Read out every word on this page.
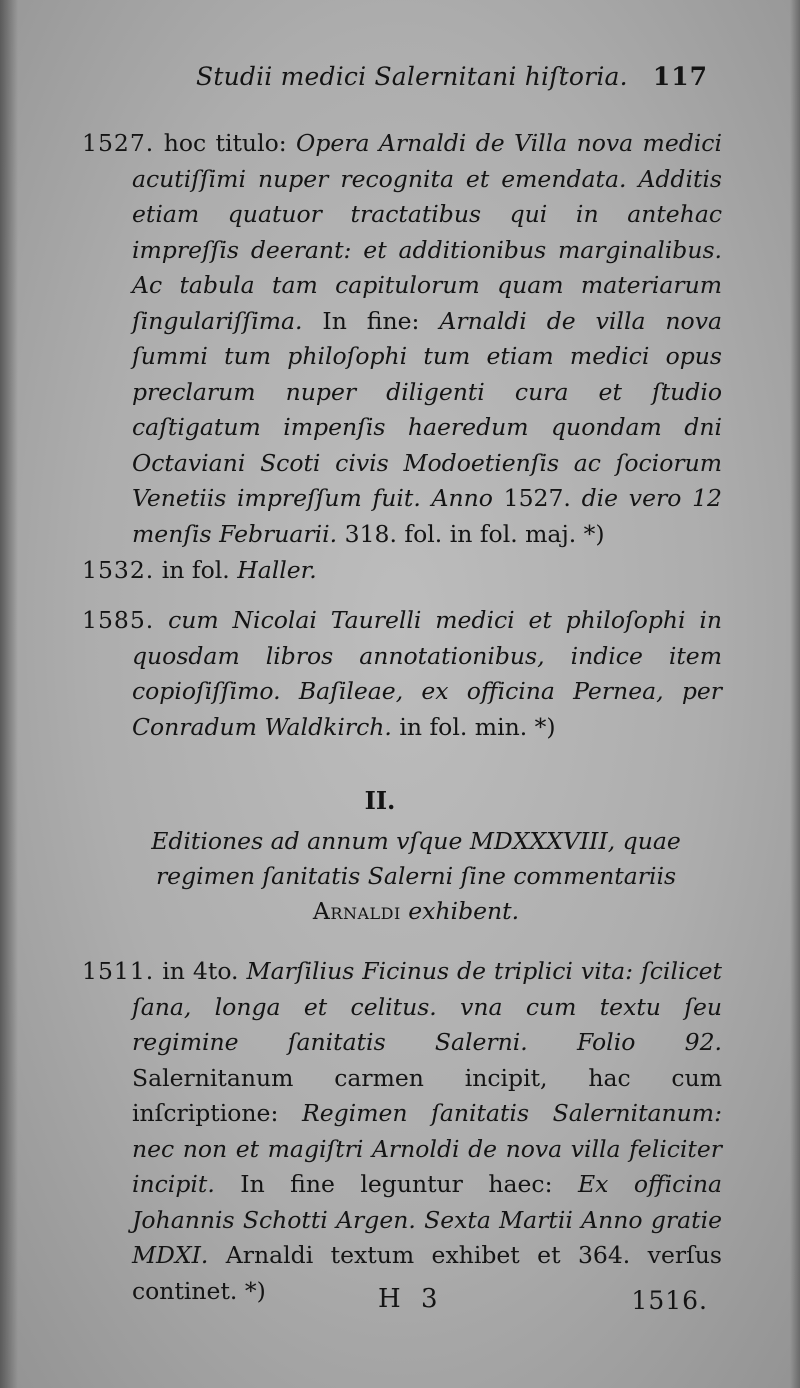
Studii medici Salernitani hiſtoria. 117

1527. hoc titulo: Opera Arnaldi de Villa nova medici acutiſſimi nuper recognita et emendata. Additis etiam quatuor tractatibus qui in antehac impreſſis deerant: et additionibus marginalibus. Ac tabula tam capitulorum quam materiarum ſingulariſſima. In fine: Arnaldi de villa nova ſummi tum philoſophi tum etiam medici opus preclarum nuper diligenti cura et ſtudio caſtigatum impenſis haeredum quondam dni Octaviani Scoti civis Modoetienſis ac ſociorum Venetiis impreſſum fuit. Anno 1527. die vero 12 menſis Februarii. 318. fol. in fol. maj. *)

1532. in fol. Haller.

1585. cum Nicolai Taurelli medici et philoſophi in quosdam libros annotationibus, indice item copioſiſſimo. Baſileae, ex officina Pernea, per Conradum Waldkirch. in fol. min. *)

II.
Editiones ad annum vſque MDXXXVIII, quae regimen ſanitatis Salerni ſine commentariis Arnaldi exhibent.

1511. in 4to. Marſilius Ficinus de triplici vita: ſcilicet ſana, longa et celitus. vna cum textu ſeu regimine ſanitatis Salerni. Folio 92. Salernitanum carmen incipit, hac cum inſcriptione: Regimen ſanitatis Salernitanum: nec non et magiſtri Arnoldi de nova villa feliciter incipit. In fine leguntur haec: Ex officina Johannis Schotti Argen. Sexta Martii Anno gratie MDXI. Arnaldi textum exhibet et 364. verſus continet. *)	H 3	1516.
